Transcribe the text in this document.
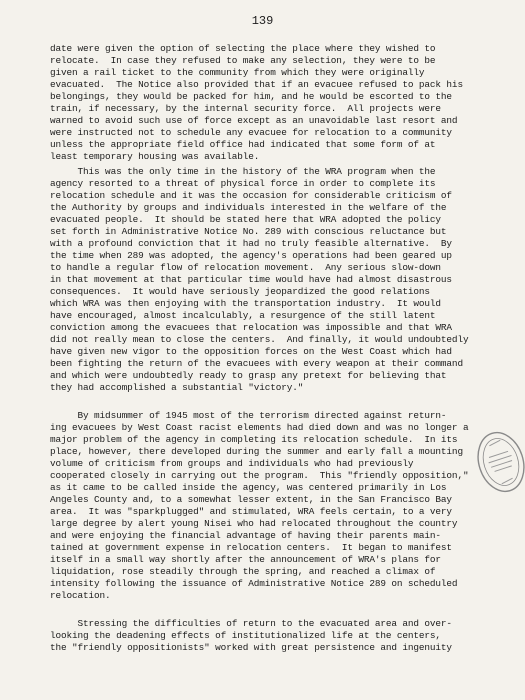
139
date were given the option of selecting the place where they wished to
relocate.  In case they refused to make any selection, they were to be
given a rail ticket to the community from which they were originally
evacuated.  The Notice also provided that if an evacuee refused to pack his
belongings, they would be packed for him, and he would be escorted to the
train, if necessary, by the internal security force.  All projects were
warned to avoid such use of force except as an unavoidable last resort and
were instructed not to schedule any evacuee for relocation to a community
unless the appropriate field office had indicated that some form of at
least temporary housing was available.
This was the only time in the history of the WRA program when the
agency resorted to a threat of physical force in order to complete its
relocation schedule and it was the occasion for considerable criticism of
the Authority by groups and individuals interested in the welfare of the
evacuated people.  It should be stated here that WRA adopted the policy
set forth in Administrative Notice No. 289 with conscious reluctance but
with a profound conviction that it had no truly feasible alternative.  By
the time when 289 was adopted, the agency's operations had been geared up
to handle a regular flow of relocation movement.  Any serious slow-down
in that movement at that particular time would have had almost disastrous
consequences.  It would have seriously jeopardized the good relations
which WRA was then enjoying with the transportation industry.  It would
have encouraged, almost incalculably, a resurgence of the still latent
conviction among the evacuees that relocation was impossible and that WRA
did not really mean to close the centers.  And finally, it would undoubtedly
have given new vigor to the opposition forces on the West Coast which had
been fighting the return of the evacuees with every weapon at their command
and which were undoubtedly ready to grasp any pretext for believing that
they had accomplished a substantial "victory."
By midsummer of 1945 most of the terrorism directed against return-
ing evacuees by West Coast racist elements had died down and was no longer a
major problem of the agency in completing its relocation schedule.  In its
place, however, there developed during the summer and early fall a mounting
volume of criticism from groups and individuals who had previously
cooperated closely in carrying out the program.  This "friendly opposition,"
as it came to be called inside the agency, was centered primarily in Los
Angeles County and, to a somewhat lesser extent, in the San Francisco Bay
area.  It was "sparkplugged" and stimulated, WRA feels certain, to a very
large degree by alert young Nisei who had relocated throughout the country
and were enjoying the financial advantage of having their parents main-
tained at government expense in relocation centers.  It began to manifest
itself in a small way shortly after the announcement of WRA's plans for
liquidation, rose steadily through the spring, and reached a climax of
intensity following the issuance of Administrative Notice 289 on scheduled
relocation.
Stressing the difficulties of return to the evacuated area and over-
looking the deadening effects of institutionalized life at the centers,
the "friendly oppositionists" worked with great persistence and ingenuity
